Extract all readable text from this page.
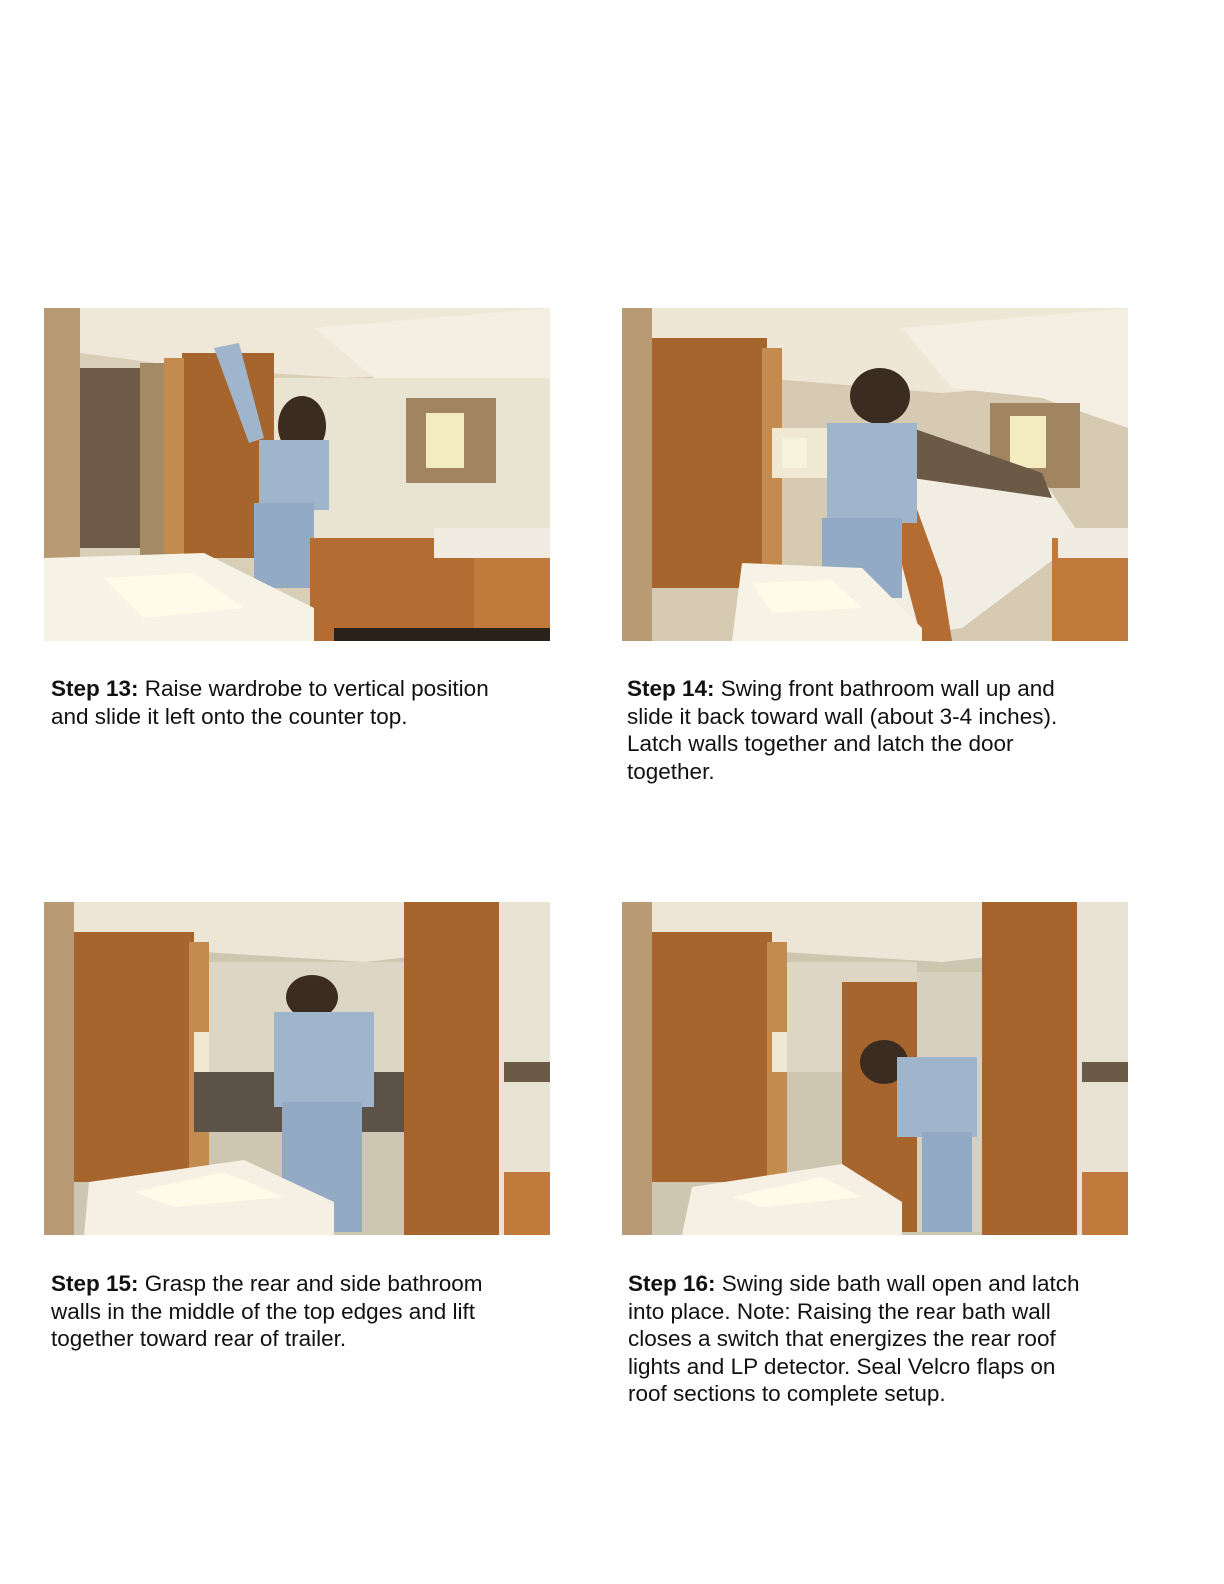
Step 13: Raise wardrobe to vertical position
and slide it left onto the counter top.
Step 14: Swing front bathroom wall up and
slide it back toward wall (about 3-4 inches).
Latch walls together and latch the door
together.
Step 15: Grasp the rear and side bathroom
walls in the middle of the top edges and lift
together toward rear of trailer.
Step 16: Swing side bath wall open and latch
into place. Note: Raising the rear bath wall
closes a switch that energizes the rear roof
lights and LP detector. Seal Velcro flaps on
roof sections to complete setup.
